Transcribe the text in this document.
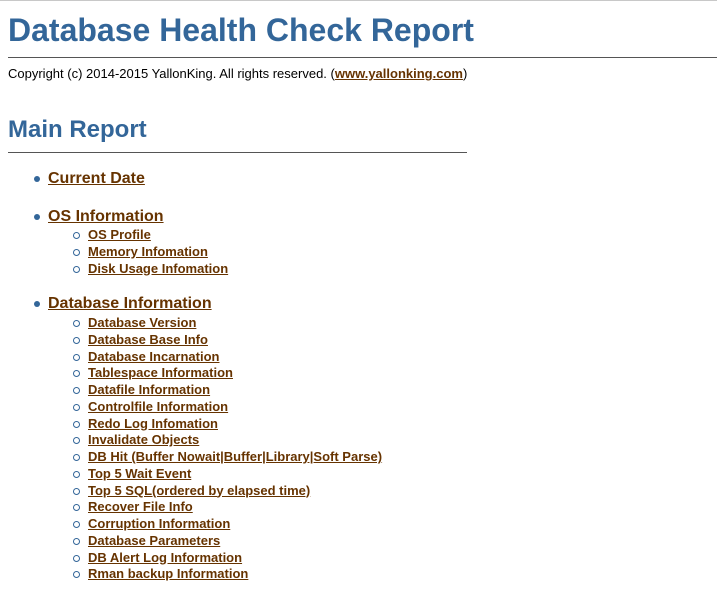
Database Health Check Report
Copyright (c) 2014-2015 YallonKing. All rights reserved. (www.yallonking.com)
Main Report
Current Date
OS Information
OS Profile
Memory Infomation
Disk Usage Infomation
Database Information
Database Version
Database Base Info
Database Incarnation
Tablespace Information
Datafile Information
Controlfile Information
Redo Log Infomation
Invalidate Objects
DB Hit (Buffer Nowait|Buffer|Library|Soft Parse)
Top 5 Wait Event
Top 5 SQL(ordered by elapsed time)
Recover File Info
Corruption Information
Database Parameters
DB Alert Log Information
Rman backup Information
